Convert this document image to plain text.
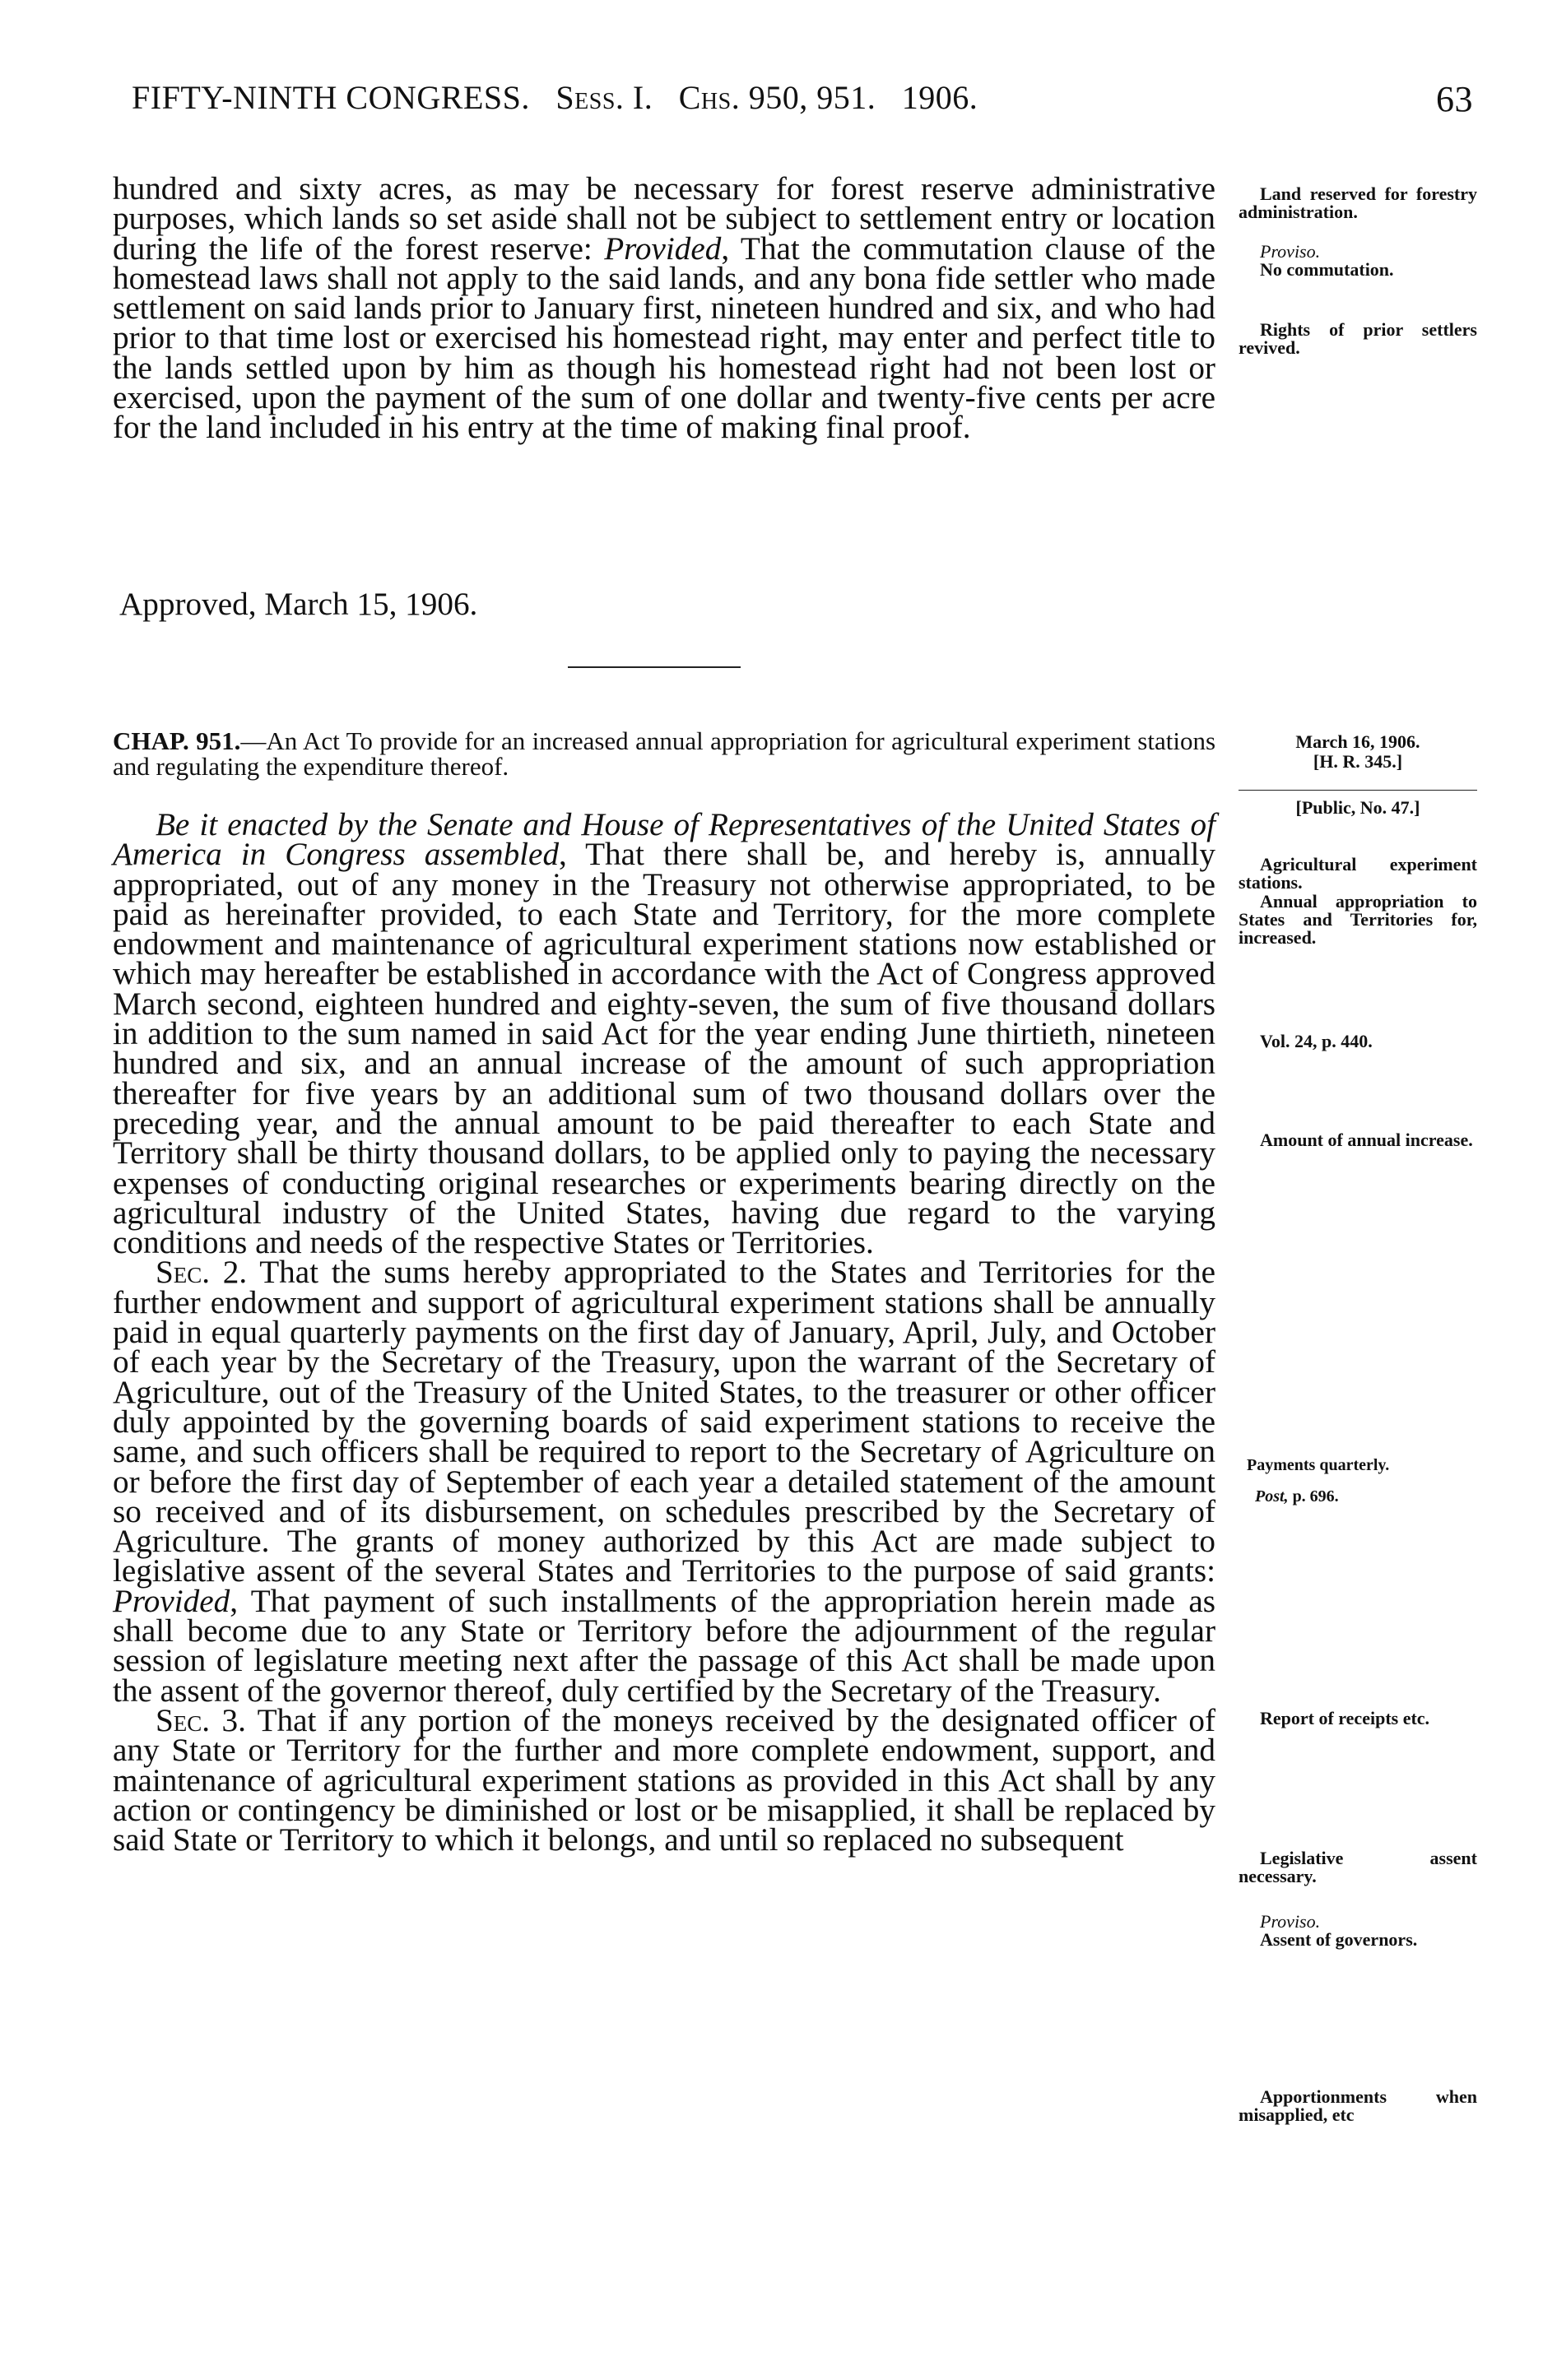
FIFTY-NINTH CONGRESS. Sess. I. Chs. 950, 951. 1906.	63

hundred and sixty acres, as may be necessary for forest reserve administrative purposes, which lands so set aside shall not be subject to settlement entry or location during the life of the forest reserve: Provided, That the commutation clause of the homestead laws shall not apply to the said lands, and any bona fide settler who made settlement on said lands prior to January first, nineteen hundred and six, and who had prior to that time lost or exercised his homestead right, may enter and perfect title to the lands settled upon by him as though his homestead right had not been lost or exercised, upon the payment of the sum of one dollar and twenty-five cents per acre for the land included in his entry at the time of making final proof.

Approved, March 15, 1906.
CHAP. 951.—An Act To provide for an increased annual appropriation for agricultural experiment stations and regulating the expenditure thereof.
March 16, 1906.
[H. R. 345.]
[Public, No. 47.]

Be it enacted by the Senate and House of Representatives of the United States of America in Congress assembled, That there shall be, and hereby is, annually appropriated, out of any money in the Treasury not otherwise appropriated, to be paid as hereinafter provided, to each State and Territory, for the more complete endowment and maintenance of agricultural experiment stations now established or which may hereafter be established in accordance with the Act of Congress approved March second, eighteen hundred and eighty-seven, the sum of five thousand dollars in addition to the sum named in said Act for the year ending June thirtieth, nineteen hundred and six, and an annual increase of the amount of such appropriation thereafter for five years by an additional sum of two thousand dollars over the preceding year, and the annual amount to be paid thereafter to each State and Territory shall be thirty thousand dollars, to be applied only to paying the necessary expenses of conducting original researches or experiments bearing directly on the agricultural industry of the United States, having due regard to the varying conditions and needs of the respective States or Territories.

Sec. 2. That the sums hereby appropriated to the States and Territories for the further endowment and support of agricultural experiment stations shall be annually paid in equal quarterly payments on the first day of January, April, July, and October of each year by the Secretary of the Treasury, upon the warrant of the Secretary of Agriculture, out of the Treasury of the United States, to the treasurer or other officer duly appointed by the governing boards of said experiment stations to receive the same, and such officers shall be required to report to the Secretary of Agriculture on or before the first day of September of each year a detailed statement of the amount so received and of its disbursement, on schedules prescribed by the Secretary of Agriculture. The grants of money authorized by this Act are made subject to legislative assent of the several States and Territories to the purpose of said grants: Provided, That payment of such installments of the appropriation herein made as shall become due to any State or Territory before the adjournment of the regular session of legislature meeting next after the passage of this Act shall be made upon the assent of the governor thereof, duly certified by the Secretary of the Treasury.

Sec. 3. That if any portion of the moneys received by the designated officer of any State or Territory for the further and more complete endowment, support, and maintenance of agricultural experiment stations as provided in this Act shall by any action or contingency be diminished or lost or be misapplied, it shall be replaced by said State or Territory to which it belongs, and until so replaced no subsequent

Land reserved for forestry administration.
Proviso.
No commutation.
Rights of prior settlers revived.
Agricultural experiment stations.
Annual appropriation to States and Territories for, increased.
Vol. 24, p. 440.
Amount of annual increase.
Payments quarterly.
Post, p. 696.
Report of receipts etc.
Legislative assent necessary.
Proviso.
Assent of governors.
Apportionments when misapplied, etc
